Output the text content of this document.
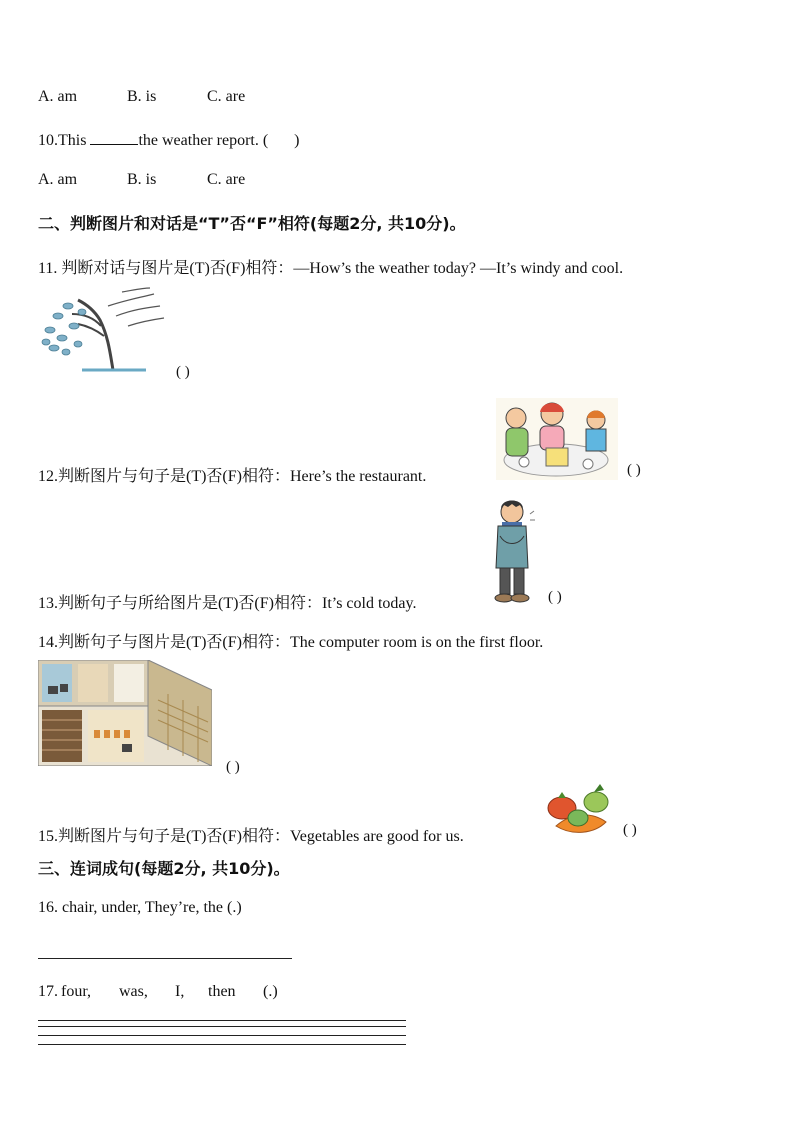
A. am	B. is	C. are
10.This	the weather report. ( )
A. am	B. is	C. are
二、判断图片和对话是“T”否“F”相符(每题2分, 共10分)。
11. 判断对话与图片是(T)否(F)相符：—How’s the weather today? —It’s windy and cool.
( )
12.判断图片与句子是(T)否(F)相符：Here’s the restaurant.	( )
13.判断句子与所给图片是(T)否(F)相符：It’s cold today.	( )
14.判断句子与图片是(T)否(F)相符：The computer room is on the first floor.
( )
15.判断图片与句子是(T)否(F)相符：Vegetables are good for us.	( )
三、连词成句(每题2分, 共10分)。
16. chair, under, They’re, the (.)
17. four, was, I, then (.)
